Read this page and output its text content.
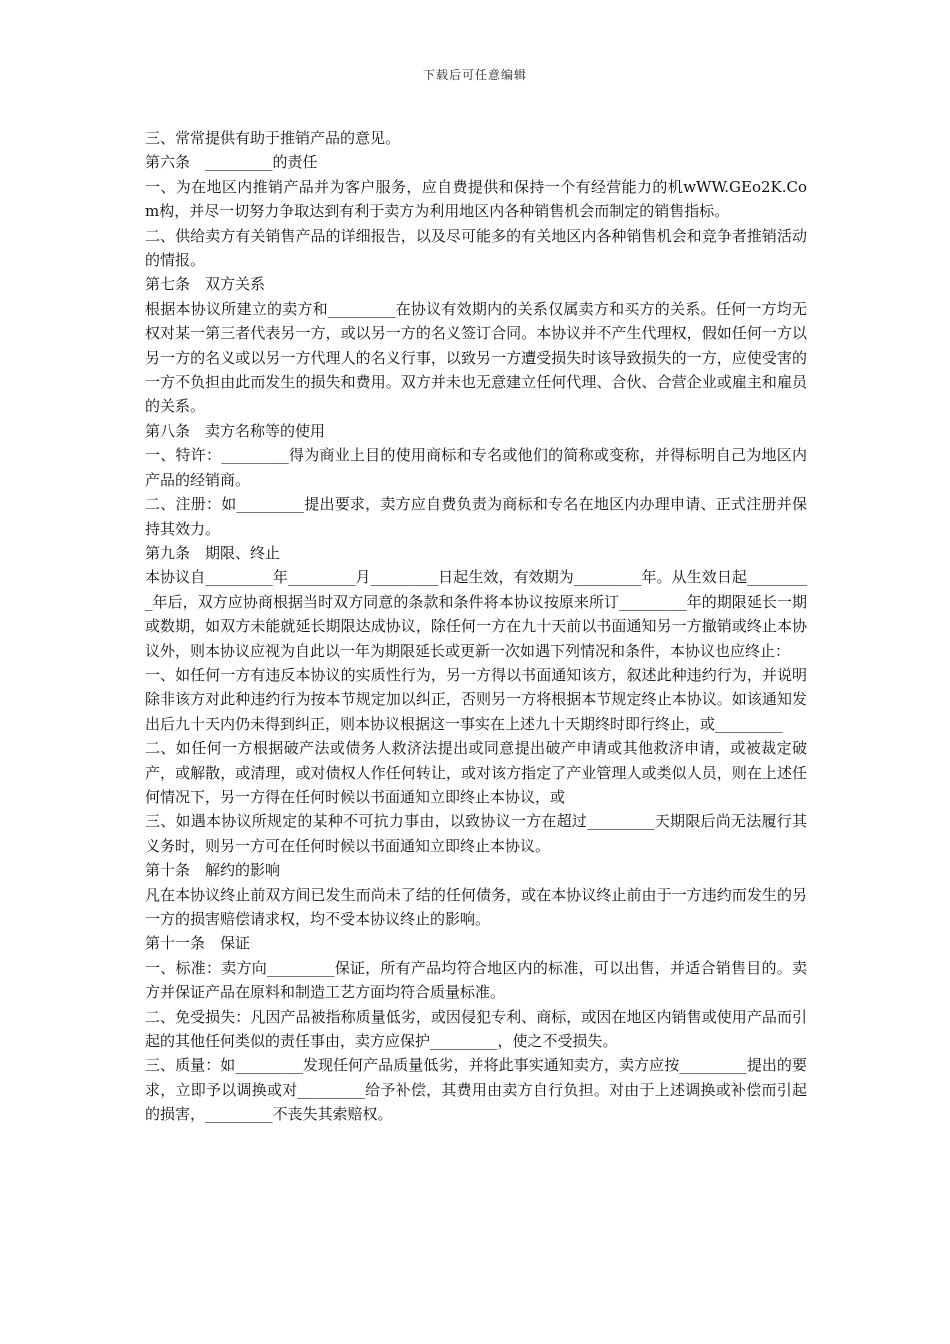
下载后可任意编辑

三、常常提供有助于推销产品的意见。

第六条　_________的责任

一、为在地区内推销产品并为客户服务，应自费提供和保持一个有经营能力的机wWW.GEo2K.Com构，并尽一切努力争取达到有利于卖方为利用地区内各种销售机会而制定的销售指标。

二、供给卖方有关销售产品的详细报告，以及尽可能多的有关地区内各种销售机会和竞争者推销活动的情报。

第七条　双方关系

根据本协议所建立的卖方和_________在协议有效期内的关系仅属卖方和买方的关系。任何一方均无权对某一第三者代表另一方，或以另一方的名义签订合同。本协议并不产生代理权，假如任何一方以另一方的名义或以另一方代理人的名义行事，以致另一方遭受损失时该导致损失的一方，应使受害的一方不负担由此而发生的损失和费用。双方并未也无意建立任何代理、合伙、合营企业或雇主和雇员的关系。

第八条　卖方名称等的使用

一、特许：_________得为商业上目的使用商标和专名或他们的简称或变称，并得标明自己为地区内产品的经销商。

二、注册：如_________提出要求，卖方应自费负责为商标和专名在地区内办理申请、正式注册并保持其效力。

第九条　期限、终止

本协议自_________年_________月_________日起生效，有效期为_________年。从生效日起_________年后，双方应协商根据当时双方同意的条款和条件将本协议按原来所订_________年的期限延长一期或数期，如双方未能就延长期限达成协议，除任何一方在九十天前以书面通知另一方撤销或终止本协议外，则本协议应视为自此以一年为期限延长或更新一次如遇下列情况和条件，本协议也应终止：

一、如任何一方有违反本协议的实质性行为，另一方得以书面通知该方，叙述此种违约行为，并说明除非该方对此种违约行为按本节规定加以纠正，否则另一方将根据本节规定终止本协议。如该通知发出后九十天内仍未得到纠正，则本协议根据这一事实在上述九十天期终时即行终止，或_________

二、如任何一方根据破产法或债务人救济法提出或同意提出破产申请或其他救济申请，或被裁定破产，或解散，或清理，或对债权人作任何转让，或对该方指定了产业管理人或类似人员，则在上述任何情况下，另一方得在任何时候以书面通知立即终止本协议，或

三、如遇本协议所规定的某种不可抗力事由，以致协议一方在超过_________天期限后尚无法履行其义务时，则另一方可在任何时候以书面通知立即终止本协议。

第十条　解约的影响

凡在本协议终止前双方间已发生而尚未了结的任何债务，或在本协议终止前由于一方违约而发生的另一方的损害赔偿请求权，均不受本协议终止的影响。

第十一条　保证

一、标准：卖方向_________保证，所有产品均符合地区内的标准，可以出售，并适合销售目的。卖方并保证产品在原料和制造工艺方面均符合质量标准。

二、免受损失：凡因产品被指称质量低劣，或因侵犯专利、商标，或因在地区内销售或使用产品而引起的其他任何类似的责任事由，卖方应保护_________，使之不受损失。

三、质量：如_________发现任何产品质量低劣，并将此事实通知卖方，卖方应按_________提出的要求，立即予以调换或对_________给予补偿，其费用由卖方自行负担。对由于上述调换或补偿而引起的损害，_________不丧失其索赔权。
